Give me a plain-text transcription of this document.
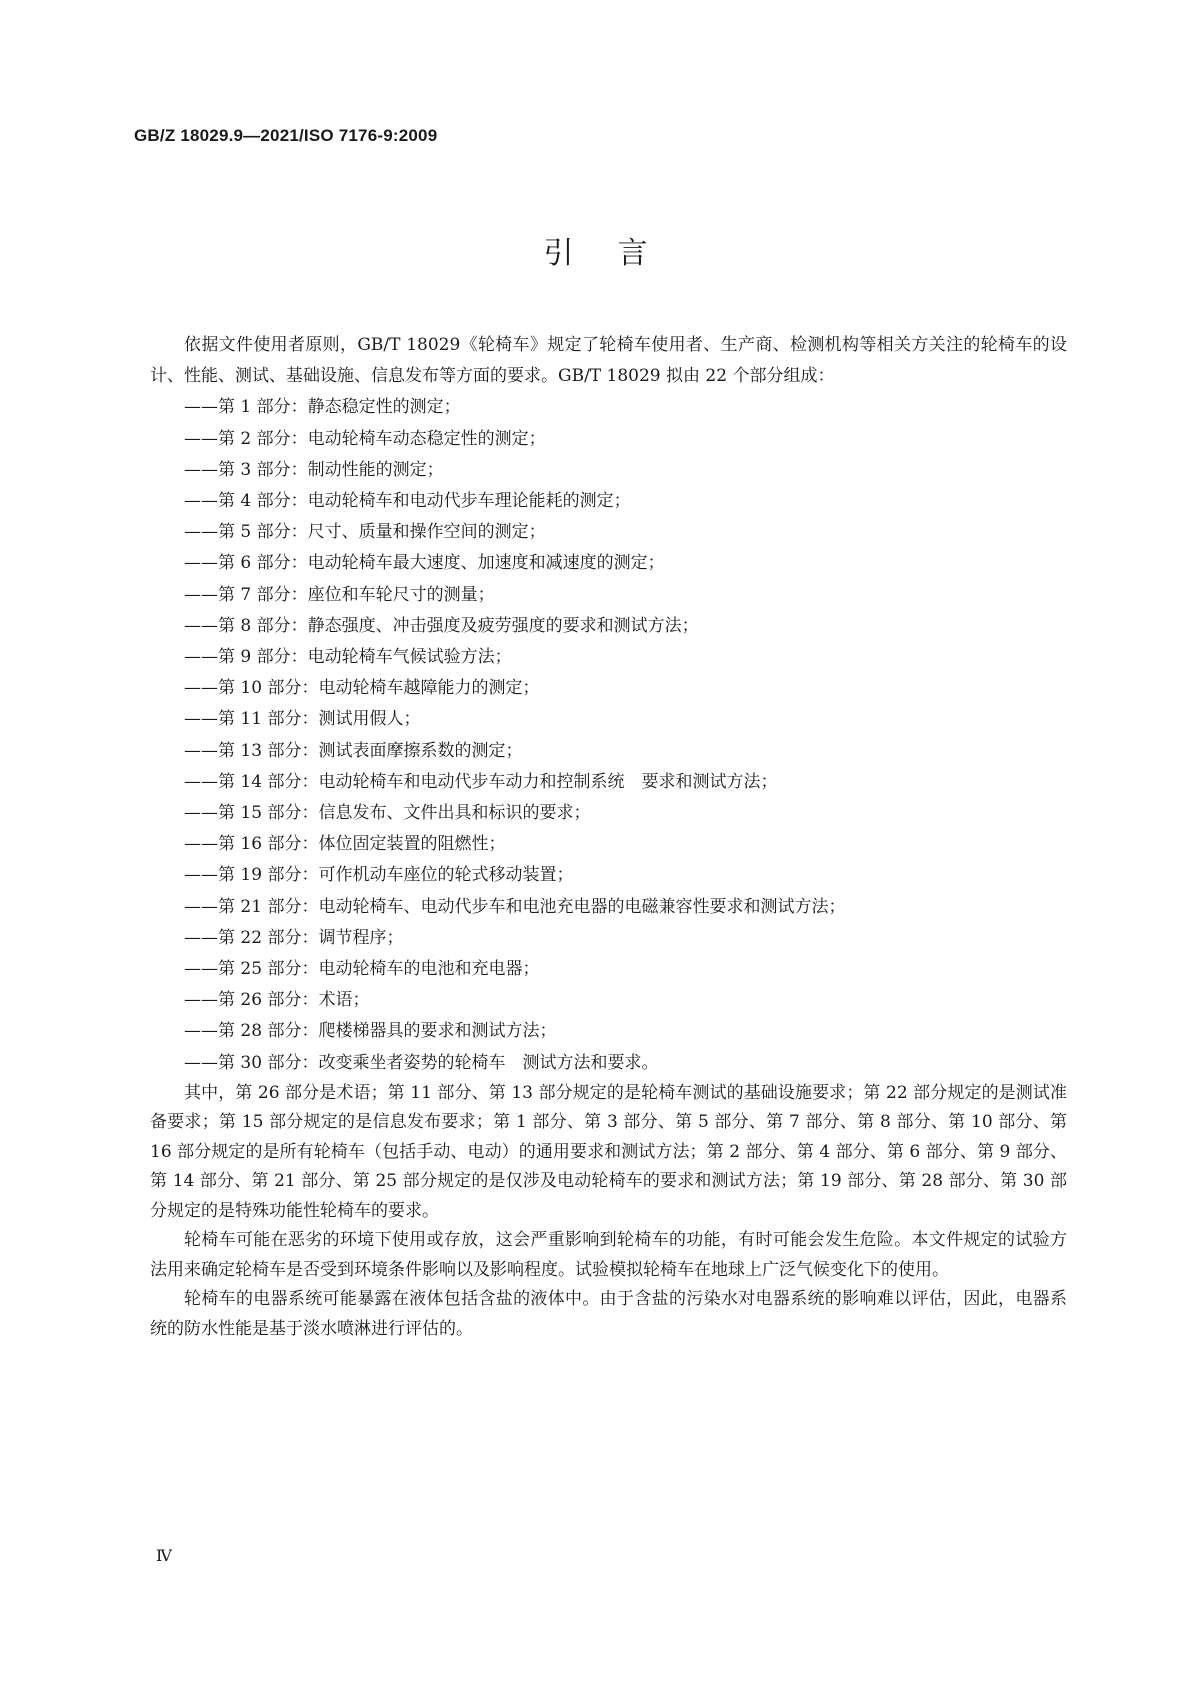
GB/Z 18029.9—2021/ISO 7176-9:2009
引言

依据文件使用者原则，GB/T 18029《轮椅车》规定了轮椅车使用者、生产商、检测机构等相关方关注的轮椅车的设计、性能、测试、基础设施、信息发布等方面的要求。GB/T 18029 拟由 22 个部分组成：

——第 1 部分：静态稳定性的测定；
——第 2 部分：电动轮椅车动态稳定性的测定；
——第 3 部分：制动性能的测定；
——第 4 部分：电动轮椅车和电动代步车理论能耗的测定；
——第 5 部分：尺寸、质量和操作空间的测定；
——第 6 部分：电动轮椅车最大速度、加速度和减速度的测定；
——第 7 部分：座位和车轮尺寸的测量；
——第 8 部分：静态强度、冲击强度及疲劳强度的要求和测试方法；
——第 9 部分：电动轮椅车气候试验方法；
——第 10 部分：电动轮椅车越障能力的测定；
——第 11 部分：测试用假人；
——第 13 部分：测试表面摩擦系数的测定；
——第 14 部分：电动轮椅车和电动代步车动力和控制系统　要求和测试方法；
——第 15 部分：信息发布、文件出具和标识的要求；
——第 16 部分：体位固定装置的阻燃性；
——第 19 部分：可作机动车座位的轮式移动装置；
——第 21 部分：电动轮椅车、电动代步车和电池充电器的电磁兼容性要求和测试方法；
——第 22 部分：调节程序；
——第 25 部分：电动轮椅车的电池和充电器；
——第 26 部分：术语；
——第 28 部分：爬楼梯器具的要求和测试方法；
——第 30 部分：改变乘坐者姿势的轮椅车　测试方法和要求。

其中，第 26 部分是术语；第 11 部分、第 13 部分规定的是轮椅车测试的基础设施要求；第 22 部分规定的是测试准备要求；第 15 部分规定的是信息发布要求；第 1 部分、第 3 部分、第 5 部分、第 7 部分、第 8 部分、第 10 部分、第 16 部分规定的是所有轮椅车（包括手动、电动）的通用要求和测试方法；第 2 部分、第 4 部分、第 6 部分、第 9 部分、第 14 部分、第 21 部分、第 25 部分规定的是仅涉及电动轮椅车的要求和测试方法；第 19 部分、第 28 部分、第 30 部分规定的是特殊功能性轮椅车的要求。

轮椅车可能在恶劣的环境下使用或存放，这会严重影响到轮椅车的功能，有时可能会发生危险。本文件规定的试验方法用来确定轮椅车是否受到环境条件影响以及影响程度。试验模拟轮椅车在地球上广泛气候变化下的使用。

轮椅车的电器系统可能暴露在液体包括含盐的液体中。由于含盐的污染水对电器系统的影响难以评估，因此，电器系统的防水性能是基于淡水喷淋进行评估的。

Ⅳ
